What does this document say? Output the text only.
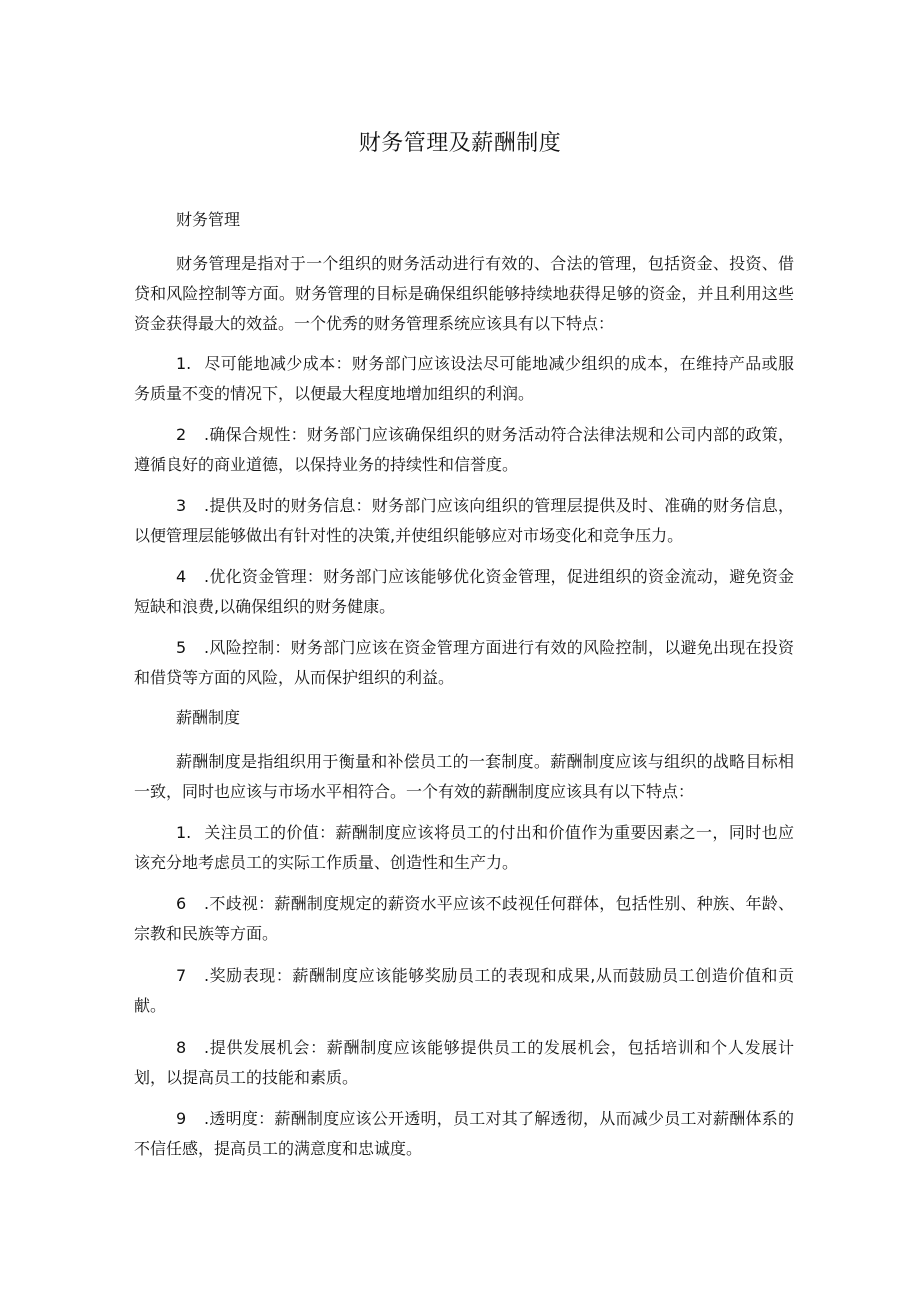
财务管理及薪酬制度
财务管理

财务管理是指对于一个组织的财务活动进行有效的、合法的管理，包括资金、投资、借贷和风险控制等方面。财务管理的目标是确保组织能够持续地获得足够的资金，并且利用这些资金获得最大的效益。一个优秀的财务管理系统应该具有以下特点：

1. 尽可能地减少成本：财务部门应该设法尽可能地减少组织的成本，在维持产品或服务质量不变的情况下，以便最大程度地增加组织的利润。

2 .确保合规性：财务部门应该确保组织的财务活动符合法律法规和公司内部的政策，遵循良好的商业道德，以保持业务的持续性和信誉度。

3 .提供及时的财务信息：财务部门应该向组织的管理层提供及时、准确的财务信息，以便管理层能够做出有针对性的决策,并使组织能够应对市场变化和竞争压力。

4 .优化资金管理：财务部门应该能够优化资金管理，促进组织的资金流动，避免资金短缺和浪费,以确保组织的财务健康。

5 .风险控制：财务部门应该在资金管理方面进行有效的风险控制，以避免出现在投资和借贷等方面的风险，从而保护组织的利益。

薪酬制度

薪酬制度是指组织用于衡量和补偿员工的一套制度。薪酬制度应该与组织的战略目标相一致，同时也应该与市场水平相符合。一个有效的薪酬制度应该具有以下特点：

1. 关注员工的价值：薪酬制度应该将员工的付出和价值作为重要因素之一，同时也应该充分地考虑员工的实际工作质量、创造性和生产力。

6 .不歧视：薪酬制度规定的薪资水平应该不歧视任何群体，包括性别、种族、年龄、宗教和民族等方面。

7 .奖励表现：薪酬制度应该能够奖励员工的表现和成果,从而鼓励员工创造价值和贡献。

8 .提供发展机会：薪酬制度应该能够提供员工的发展机会，包括培训和个人发展计划，以提高员工的技能和素质。

9 .透明度：薪酬制度应该公开透明，员工对其了解透彻，从而减少员工对薪酬体系的不信任感，提高员工的满意度和忠诚度。
